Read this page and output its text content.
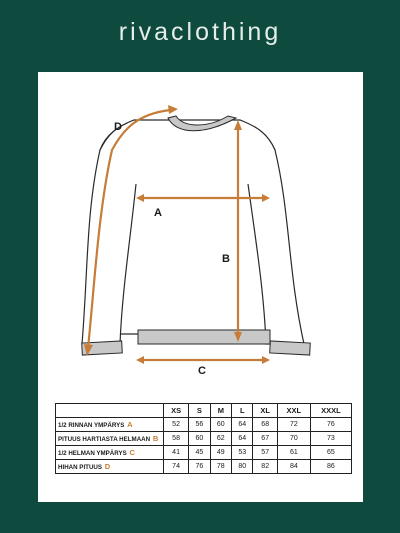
rivaclothing
A
B
C
D
	XS	S	M	L	XL	XXL	XXXL
1/2 RINNAN YMPÄRYS A	52	56	60	64	68	72	76
PITUUS HARTIASTA HELMAAN B	58	60	62	64	67	70	73
1/2 HELMAN YMPÄRYS C	41	45	49	53	57	61	65
HIHAN PITUUS D	74	76	78	80	82	84	86
